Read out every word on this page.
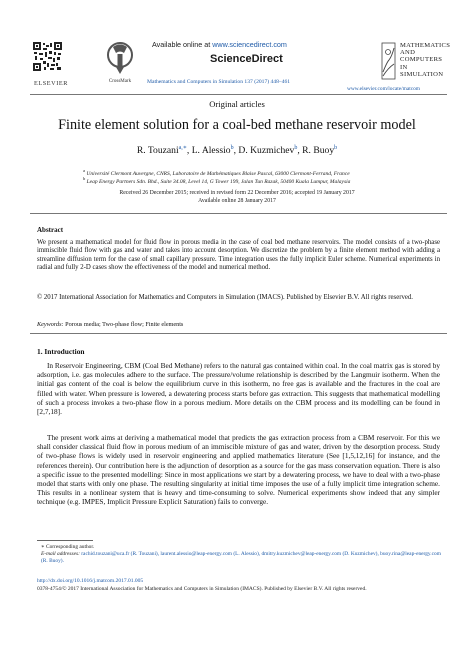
ELSEVIER	CrossMark
Available online at www.sciencedirect.com
ScienceDirect
Mathematics and Computers in Simulation 137 (2017) 448–461
MATHEMATICS
AND
COMPUTERS
IN SIMULATION
www.elsevier.com/locate/matcom
Original articles
Finite element solution for a coal-bed methane reservoir model
R. Touzani$^{a,∗}$, L. Alessio$^b$, D. Kuzmichev$^b$, R. Buoy$^b$
$^a$ Université Clermont Auvergne, CNRS, Laboratoire de Mathématiques Blaise Pascal, 63000 Clermont-Ferrand, France
$^b$ Leap Energy Partners Sdn. Bhd., Suite 34.08, Level 14, G Tower 199, Jalan Tun Razak, 50400 Kuala Lumpur, Malaysia
Received 26 December 2015; received in revised form 22 December 2016; accepted 19 January 2017
Available online 28 January 2017
Abstract
We present a mathematical model for fluid flow in porous media in the case of coal bed methane reservoirs. The model consists of a two-phase immiscible fluid flow with gas and water and takes into account desorption. We discretize the problem by a finite element method with adding a streamline diffusion term for the case of small capillary pressure. Time integration uses the fully implicit Euler scheme. Numerical experiments in radial and fully 2-D cases show the effectiveness of the model and numerical method.
© 2017 International Association for Mathematics and Computers in Simulation (IMACS). Published by Elsevier B.V. All rights reserved.
Keywords: Porous media; Two-phase flow; Finite elements
1. Introduction
In Reservoir Engineering, CBM (Coal Bed Methane) refers to the natural gas contained within coal. In the coal matrix gas is stored by adsorption, i.e. gas molecules adhere to the surface. The pressure/volume relationship is described by the Langmuir isotherm. When the initial gas content of the coal is below the equilibrium curve in this isotherm, no free gas is available and the fractures in the coal are filled with water. When pressure is lowered, a dewatering process starts before gas extraction. This suggests that mathematical modelling of such a process invokes a two-phase flow in a porous medium. More details on the CBM process and its modelling can be found in [2,7,18].
The present work aims at deriving a mathematical model that predicts the gas extraction process from a CBM reservoir. For this we shall consider classical fluid flow in porous medium of an immiscible mixture of gas and water, driven by the desorption process. Study of two-phase flows is widely used in reservoir engineering and applied mathematics literature (See [1,5,12,16] for instance, and the references therein). Our contribution here is the adjunction of desorption as a source for the gas mass conservation equation. There is also a specific issue to the presented modelling: Since in most applications we start by a dewatering process, we have to deal with a two-phase model that starts with only one phase. The resulting singularity at initial time imposes the use of a fully implicit time integration scheme. This results in a nonlinear system that is heavy and time-consuming to solve. Numerical experiments show indeed that any simpler technique (e.g. IMPES, Implicit Pressure Explicit Saturation) fails to converge.
∗ Corresponding author.
E-mail addresses: rachid.touzani@uca.fr (R. Touzani), laurent.alessio@leap-energy.com (L. Alessio), dmitry.kuzmichev@leap-energy.com (D. Kuzmichev), buoy.rina@leap-energy.com (R. Buoy).
http://dx.doi.org/10.1016/j.matcom.2017.01.005
0378-4754/© 2017 International Association for Mathematics and Computers in Simulation (IMACS). Published by Elsevier B.V. All rights reserved.
